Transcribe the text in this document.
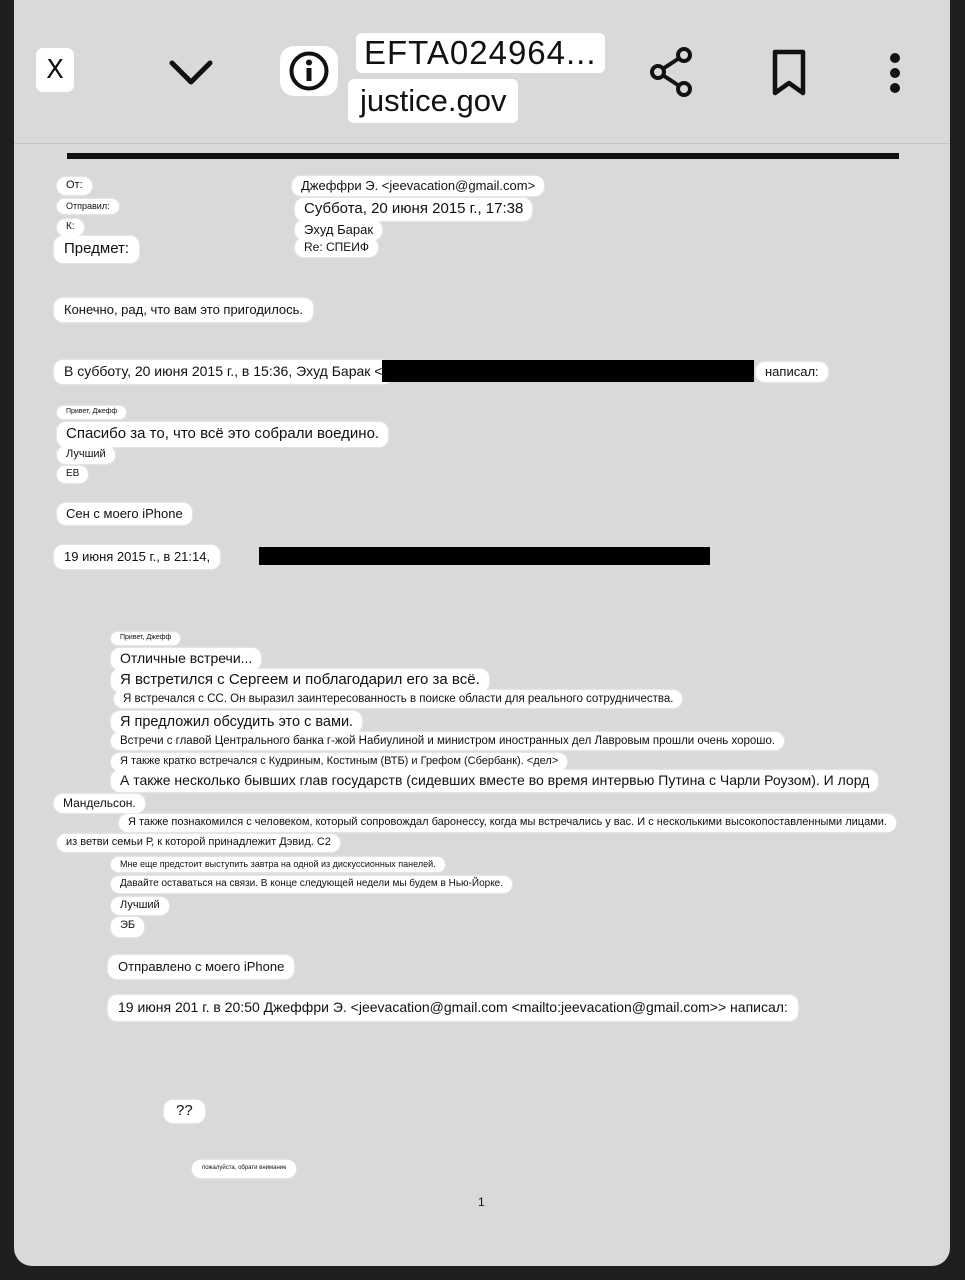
X	EFTA024964...
justice.gov
От:
Отправил:
К:
Предмет:
Джеффри Э. <jeevacation@gmail.com>
Суббота, 20 июня 2015 г., 17:38
Эхуд Барак
Re: СПЕИФ
Конечно, рад, что вам это пригодилось.
В субботу, 20 июня 2015 г., в 15:36, Эхуд Барак <	написал:
Привет, Джефф
Спасибо за то, что всё это собрали воедино.
Лучший
ЕВ
Сен с моего iPhone
19 июня 2015 г., в 21:14,
Привет, Джефф
Отличные встречи...
Я встретился с Сергеем и поблагодарил его за всё.
Я встречался с СС. Он выразил заинтересованность в поиске области для реального сотрудничества.
Я предложил обсудить это с вами.
Встречи с главой Центрального банка г-жой Набиулиной и министром иностранных дел Лавровым прошли очень хорошо.
Я также кратко встречался с Кудриным, Костиным (ВТБ) и Грефом (Сбербанк). <дел>
А также несколько бывших глав государств (сидевших вместе во время интервью Путина с Чарли Роузом). И лорд
Мандельсон.
Я также познакомился с человеком, который сопровождал баронессу, когда мы встречались у вас. И с несколькими высокопоставленными лицами.
из ветви семьи Р, к которой принадлежит Дэвид. С2
Мне еще предстоит выступить завтра на одной из дискуссионных панелей.
Давайте оставаться на связи. В конце следующей недели мы будем в Нью-Йорке.
Лучший
ЭБ
Отправлено с моего iPhone
19 июня 201 г. в 20:50 Джеффри Э. <jeevacation@gmail.com <mailto:jeevacation@gmail.com>> написал:
??
пожалуйста, обрати внимание
1
